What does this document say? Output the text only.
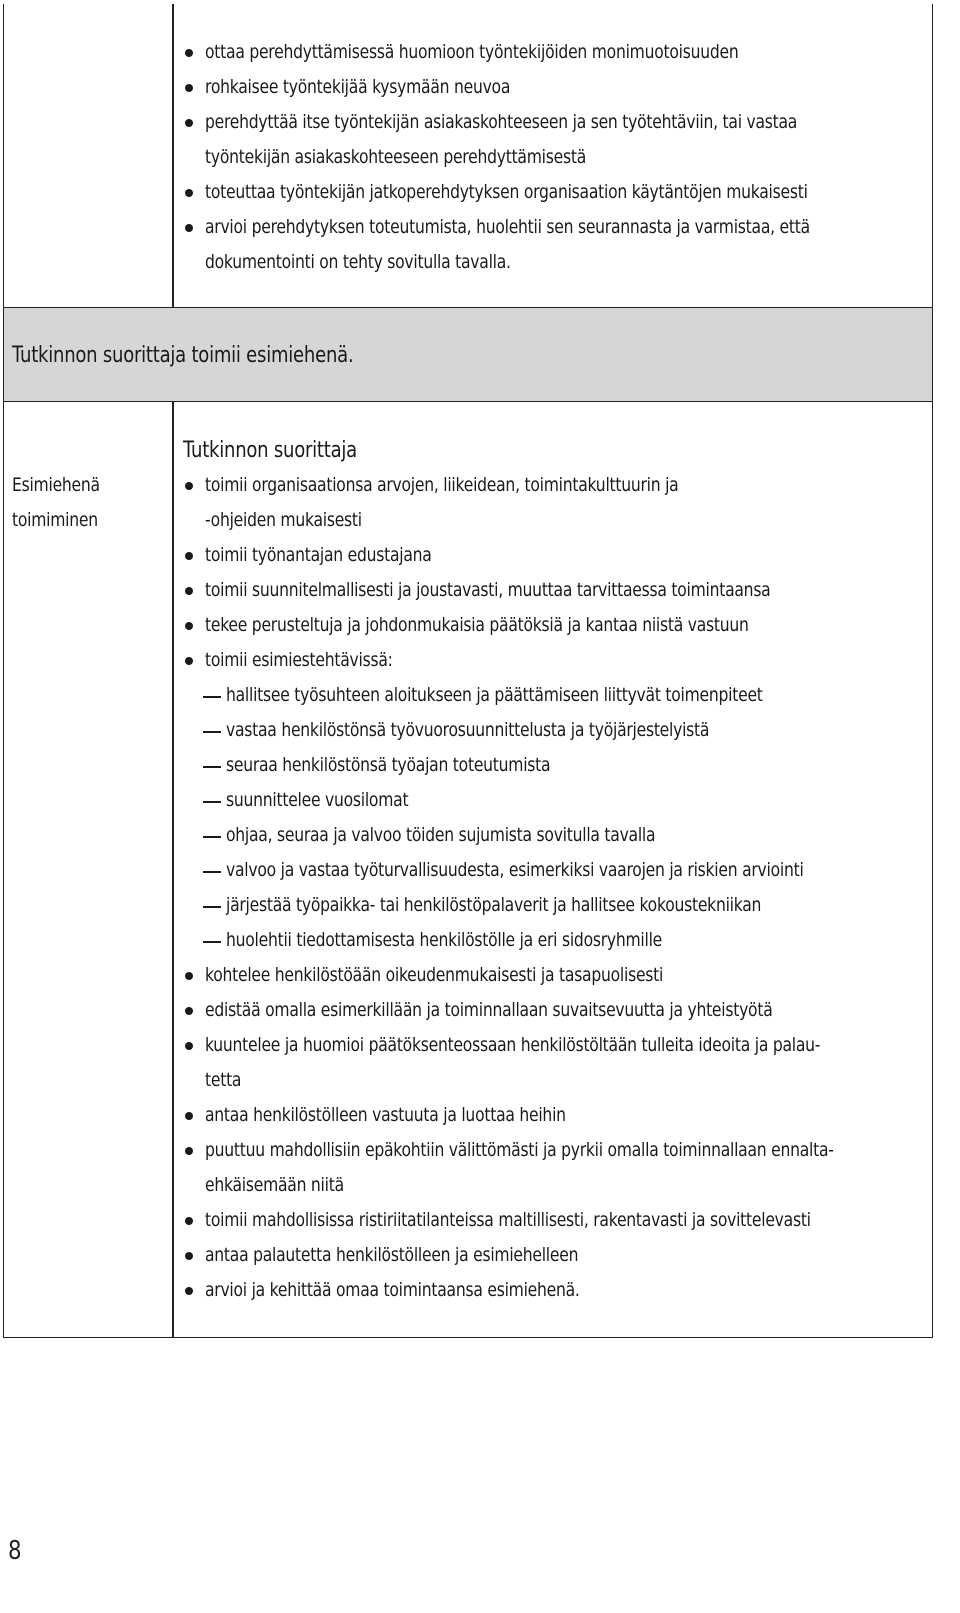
ottaa perehdyttämisessä huomioon työntekijöiden monimuotoisuuden
rohkaisee työntekijää kysymään neuvoa
perehdyttää itse työntekijän asiakaskohteeseen ja sen työtehtäviin, tai vastaa
työntekijän asiakaskohteeseen perehdyttämisestä
toteuttaa työntekijän jatkoperehdytyksen organisaation käytäntöjen mukaisesti
arvioi perehdytyksen toteutumista, huolehtii sen seurannasta ja varmistaa, että
dokumentointi on tehty sovitulla tavalla.
Tutkinnon suorittaja toimii esimiehenä.
Esimiehenä
toimiminen
Tutkinnon suorittaja
toimii organisaationsa arvojen, liikeidean, toimintakulttuurin ja
-ohjeiden mukaisesti
toimii työnantajan edustajana
toimii suunnitelmallisesti ja joustavasti, muuttaa tarvittaessa toimintaansa
tekee perusteltuja ja johdonmukaisia päätöksiä ja kantaa niistä vastuun
toimii esimiestehtävissä:
hallitsee työsuhteen aloitukseen ja päättämiseen liittyvät toimenpiteet
vastaa henkilöstönsä työvuorosuunnittelusta ja työjärjestelyistä
seuraa henkilöstönsä työajan toteutumista
suunnittelee vuosilomat
ohjaa, seuraa ja valvoo töiden sujumista sovitulla tavalla
valvoo ja vastaa työturvallisuudesta, esimerkiksi vaarojen ja riskien arviointi
järjestää työpaikka- tai henkilöstöpalaverit ja hallitsee kokoustekniikan
huolehtii tiedottamisesta henkilöstölle ja eri sidosryhmille
kohtelee henkilöstöään oikeudenmukaisesti ja tasapuolisesti
edistää omalla esimerkillään ja toiminnallaan suvaitsevuutta ja yhteistyötä
kuuntelee ja huomioi päätöksenteossaan henkilöstöltään tulleita ideoita ja palau-
tetta
antaa henkilöstölleen vastuuta ja luottaa heihin
puuttuu mahdollisiin epäkohtiin välittömästi ja pyrkii omalla toiminnallaan ennalta-
ehkäisemään niitä
toimii mahdollisissa ristiriitatilanteissa maltillisesti, rakentavasti ja sovittelevasti
antaa palautetta henkilöstölleen ja esimiehelleen
arvioi ja kehittää omaa toimintaansa esimiehenä.
8
